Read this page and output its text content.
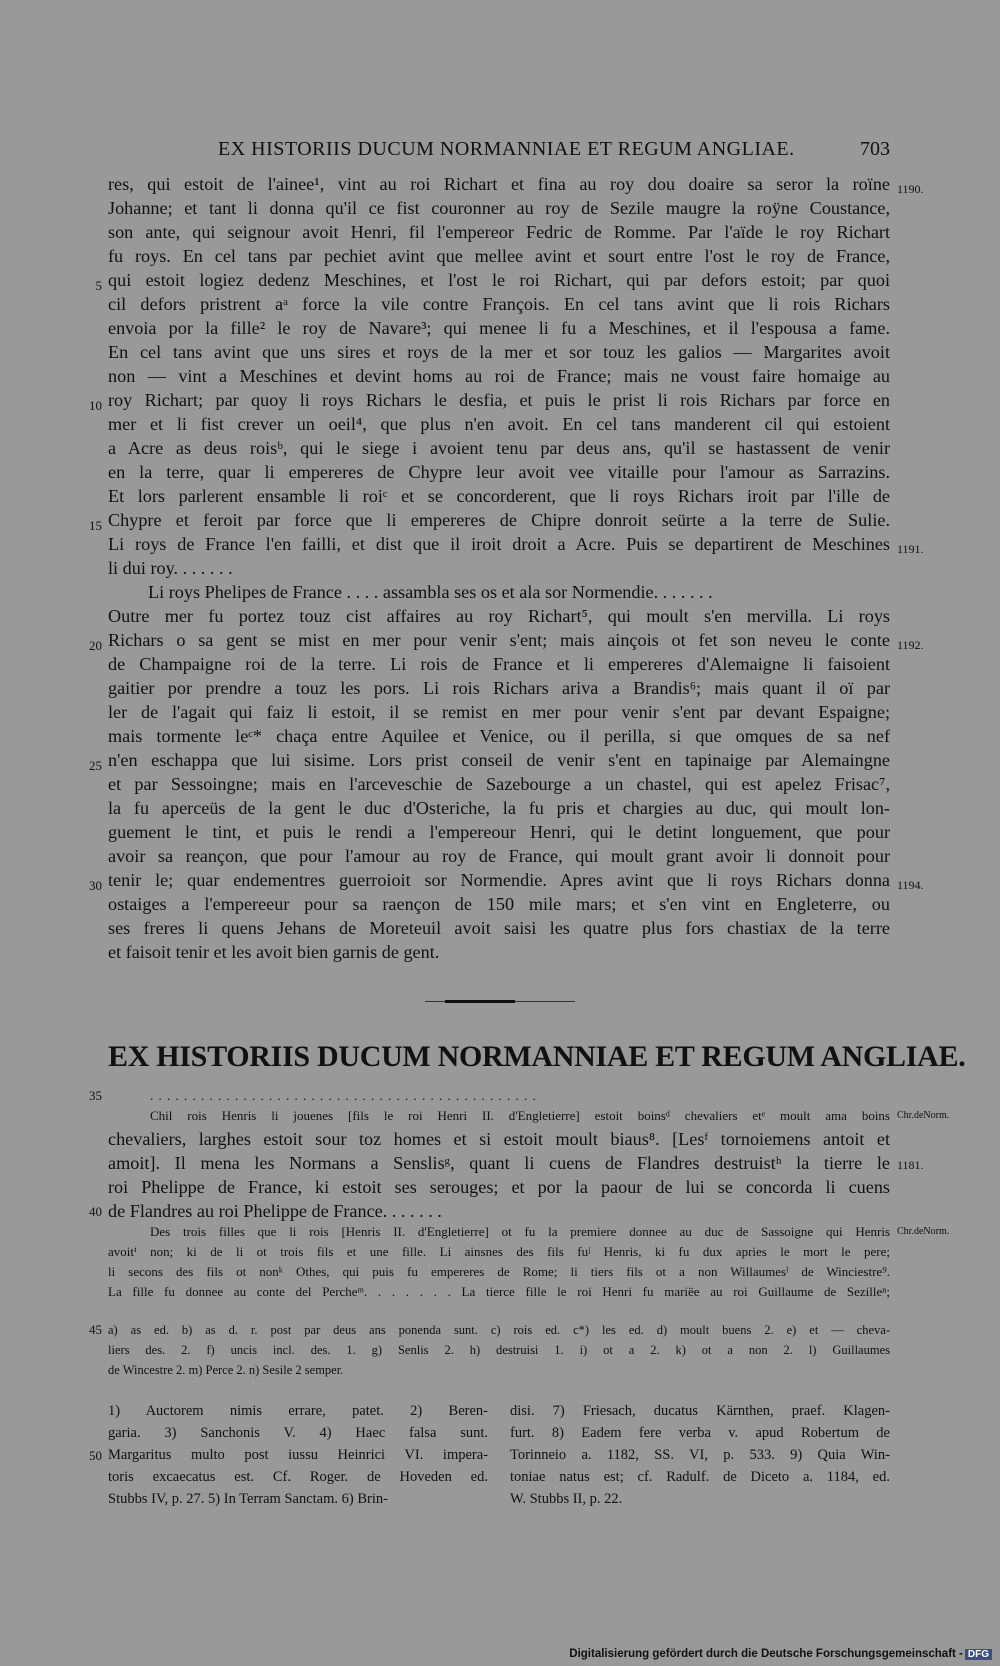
EX HISTORIIS DUCUM NORMANNIAE ET REGUM ANGLIAE.	703
res, qui estoit de l'ainee¹, vint au roi Richart et fina au roy dou doaire sa seror la roïne
Johanne; et tant li donna qu'il ce fist couronner au roy de Sezile maugre la roÿne Coustance,
son ante, qui seignour avoit Henri, fil l'empereor Fedric de Romme. Par l'aïde le roy Richart
fu roys. En cel tans par pechiet avint que mellee avint et sourt entre l'ost le roy de France,
qui estoit logiez dedenz Meschines, et l'ost le roi Richart, qui par defors estoit; par quoi
cil defors pristrent aᵃ force la vile contre François. En cel tans avint que li rois Richars
envoia por la fille² le roy de Navare³; qui menee li fu a Meschines, et il l'espousa a fame.
En cel tans avint que uns sires et roys de la mer et sor touz les galios — Margarites avoit
non — vint a Meschines et devint homs au roi de France; mais ne voust faire homaige au
roy Richart; par quoy li roys Richars le desfia, et puis le prist li rois Richars par force en
mer et li fist crever un oeil⁴, que plus n'en avoit. En cel tans manderent cil qui estoient
a Acre as deus roisᵇ, qui le siege i avoient tenu par deus ans, qu'il se hastassent de venir
en la terre, quar li empereres de Chypre leur avoit vee vitaille pour l'amour as Sarrazins.
Et lors parlerent ensamble li roiᶜ et se concorderent, que li roys Richars iroit par l'ille de
Chypre et feroit par force que li empereres de Chipre donroit seürte a la terre de Sulie.
Li roys de France l'en failli, et dist que il iroit droit a Acre. Puis se departirent de Meschines
li dui roy. . . . . . .
Li roys Phelipes de France . . . . assambla ses os et ala sor Normendie. . . . . . .
Outre mer fu portez touz cist affaires au roy Richart⁵, qui moult s'en mervilla. Li roys
Richars o sa gent se mist en mer pour venir s'ent; mais ainçois ot fet son neveu le conte
de Champaigne roi de la terre. Li rois de France et li empereres d'Alemaigne li faisoient
gaitier por prendre a touz les pors. Li rois Richars ariva a Brandis⁶; mais quant il oï par
ler de l'agait qui faiz li estoit, il se remist en mer pour venir s'ent par devant Espaigne;
mais tormente leᶜ* chaça entre Aquilee et Venice, ou il perilla, si que omques de sa nef
n'en eschappa que lui sisime. Lors prist conseil de venir s'ent en tapinaige par Alemaingne
et par Sessoingne; mais en l'arceveschie de Sazebourge a un chastel, qui est apelez Frisac⁷,
la fu aperceüs de la gent le duc d'Osteriche, la fu pris et chargies au duc, qui moult lon-
guement le tint, et puis le rendi a l'empereour Henri, qui le detint longuement, que pour
avoir sa reançon, que pour l'amour au roy de France, qui moult grant avoir li donnoit pour
tenir le; quar endementres guerroioit sor Normendie. Apres avint que li roys Richars donna
ostaiges a l'empereeur pour sa raençon de 150 mile mars; et s'en vint en Engleterre, ou
ses freres li quens Jehans de Moreteuil avoit saisi les quatre plus fors chastiax de la terre
et faisoit tenir et les avoit bien garnis de gent.
5
10
15
20
25
30
1190.
1191.
1192.
1194.
EX HISTORIIS DUCUM NORMANNIAE ET REGUM ANGLIAE.
35	. . . . . . . . . . . . . . . . . . . . . . . . . . . . . . . . . . . . . . . . . . . . . .
Chil rois Henris li jouenes [fils le roi Henri II. d'Engletierre] estoit boinsᵈ chevaliers etᵉ moult ama boins
chevaliers, larghes estoit sour toz homes et si estoit moult biaus⁸. [Lesᶠ tornoiemens antoit et
amoit]. Il mena les Normans a Senslisᵍ, quant li cuens de Flandres destruistʰ la tierre le
roi Phelippe de France, ki estoit ses serouges; et por la paour de lui se concorda li cuens
de Flandres au roi Phelippe de France. . . . . . .
Des trois filles que li rois [Henris II. d'Engletierre] ot fu la premiere donnee au duc de Sassoigne qui Henris
avoitⁱ non; ki de li ot trois fils et une fille. Li ainsnes des fils fuʲ Henris, ki fu dux apries le mort le pere;
li secons des fils ot nonᵏ Othes, qui puis fu empereres de Rome; li tiers fils ot a non Willaumesˡ de Winciestre⁹.
La fille fu donnee au conte del Percheᵐ. . . . . . . La tierce fille le roi Henri fu mariëe au roi Guillaume de Sezilleⁿ;
40
Chr.deNorm.
1181.
Chr.deNorm.
45 a) as ed. b) as d. r. post par deus ans ponenda sunt. c) rois ed. c*) les ed. d) moult buens 2. e) et — cheva-
liers des. 2. f) uncis incl. des. 1. g) Senlis 2. h) destruisi 1. i) ot a 2. k) ot a non 2. l) Guillaumes
de Wincestre 2. m) Perce 2. n) Sesile 2 semper.
1) Auctorem nimis errare, patet. 2) Beren-
garia. 3) Sanchonis V. 4) Haec falsa sunt.
Margaritus multo post iussu Heinrici VI. impera-
toris excaecatus est. Cf. Roger. de Hoveden ed.
Stubbs IV, p. 27. 5) In Terram Sanctam. 6) Brin-
disi. 7) Friesach, ducatus Kärnthen, praef. Klagen-
furt. 8) Eadem fere verba v. apud Robertum de
Torinneio a. 1182, SS. VI, p. 533. 9) Quia Win-
toniae natus est; cf. Radulf. de Diceto a. 1184, ed.
W. Stubbs II, p. 22.
50
Digitalisierung gefördert durch die Deutsche Forschungsgemeinschaft - DFG
